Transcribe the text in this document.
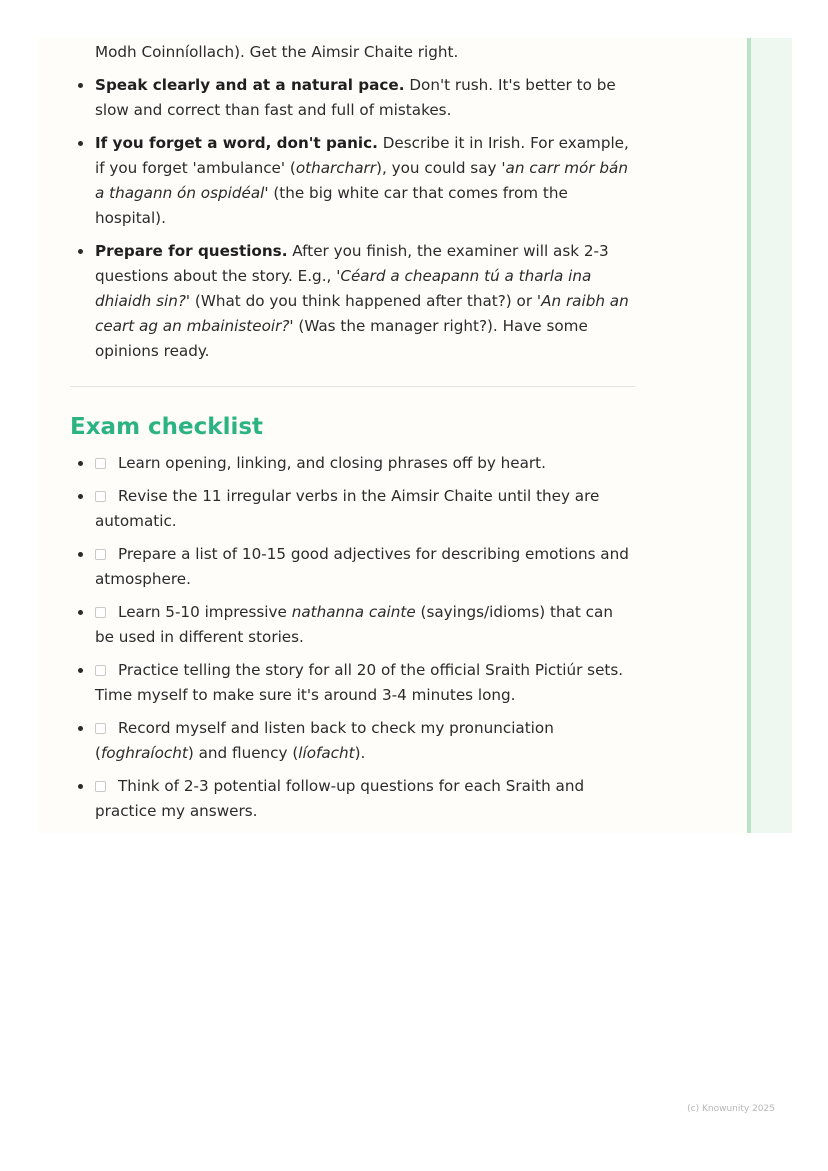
Modh Coinníollach). Get the Aimsir Chaite right.
Speak clearly and at a natural pace. Don't rush. It's better to be slow and correct than fast and full of mistakes.
If you forget a word, don't panic. Describe it in Irish. For example, if you forget 'ambulance' (otharcharr), you could say 'an carr mór bán a thagann ón ospidéal' (the big white car that comes from the hospital).
Prepare for questions. After you finish, the examiner will ask 2-3 questions about the story. E.g., 'Céard a cheapann tú a tharla ina dhiaidh sin?' (What do you think happened after that?) or 'An raibh an ceart ag an mbainisteoir?' (Was the manager right?). Have some opinions ready.
Exam checklist
Learn opening, linking, and closing phrases off by heart.
Revise the 11 irregular verbs in the Aimsir Chaite until they are automatic.
Prepare a list of 10-15 good adjectives for describing emotions and atmosphere.
Learn 5-10 impressive nathanna cainte (sayings/idioms) that can be used in different stories.
Practice telling the story for all 20 of the official Sraith Pictiúr sets. Time myself to make sure it's around 3-4 minutes long.
Record myself and listen back to check my pronunciation (foghraíocht) and fluency (líofacht).
Think of 2-3 potential follow-up questions for each Sraith and practice my answers.
(c) Knowunity 2025
